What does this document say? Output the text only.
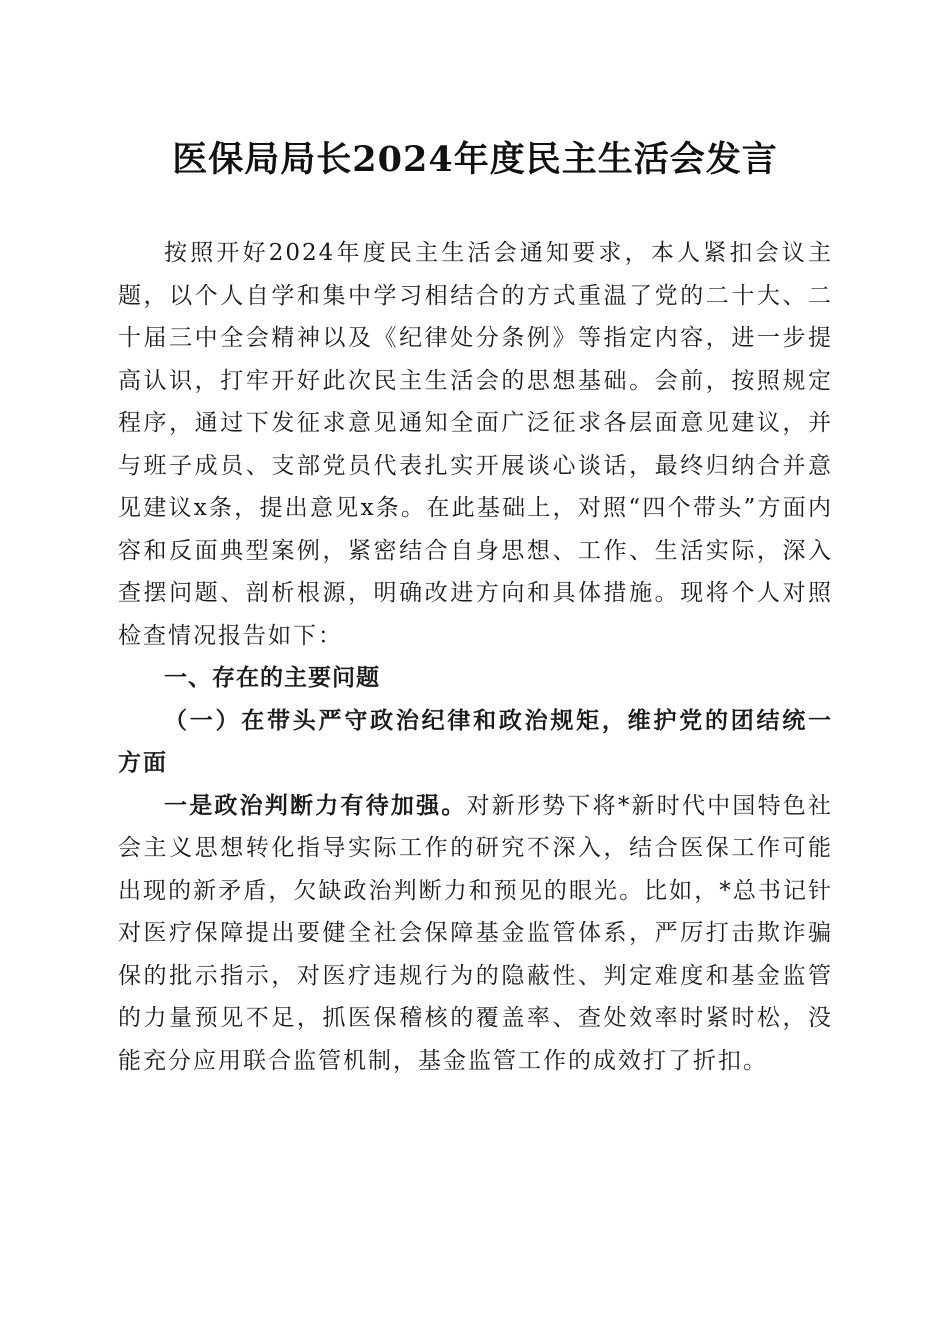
医保局局长2024年度民主生活会发言

按照开好2024年度民主生活会通知要求，本人紧扣会议主题，以个人自学和集中学习相结合的方式重温了党的二十大、二十届三中全会精神以及《纪律处分条例》等指定内容，进一步提高认识，打牢开好此次民主生活会的思想基础。会前，按照规定程序，通过下发征求意见通知全面广泛征求各层面意见建议，并与班子成员、支部党员代表扎实开展谈心谈话，最终归纳合并意见建议x条，提出意见x条。在此基础上，对照“四个带头”方面内容和反面典型案例，紧密结合自身思想、工作、生活实际，深入查摆问题、剖析根源，明确改进方向和具体措施。现将个人对照检查情况报告如下：

一、存在的主要问题

（一）在带头严守政治纪律和政治规矩，维护党的团结统一方面

一是政治判断力有待加强。对新形势下将*新时代中国特色社会主义思想转化指导实际工作的研究不深入，结合医保工作可能出现的新矛盾，欠缺政治判断力和预见的眼光。比如，*总书记针对医疗保障提出要健全社会保障基金监管体系，严厉打击欺诈骗保的批示指示，对医疗违规行为的隐蔽性、判定难度和基金监管的力量预见不足，抓医保稽核的覆盖率、查处效率时紧时松，没能充分应用联合监管机制，基金监管工作的成效打了折扣。
